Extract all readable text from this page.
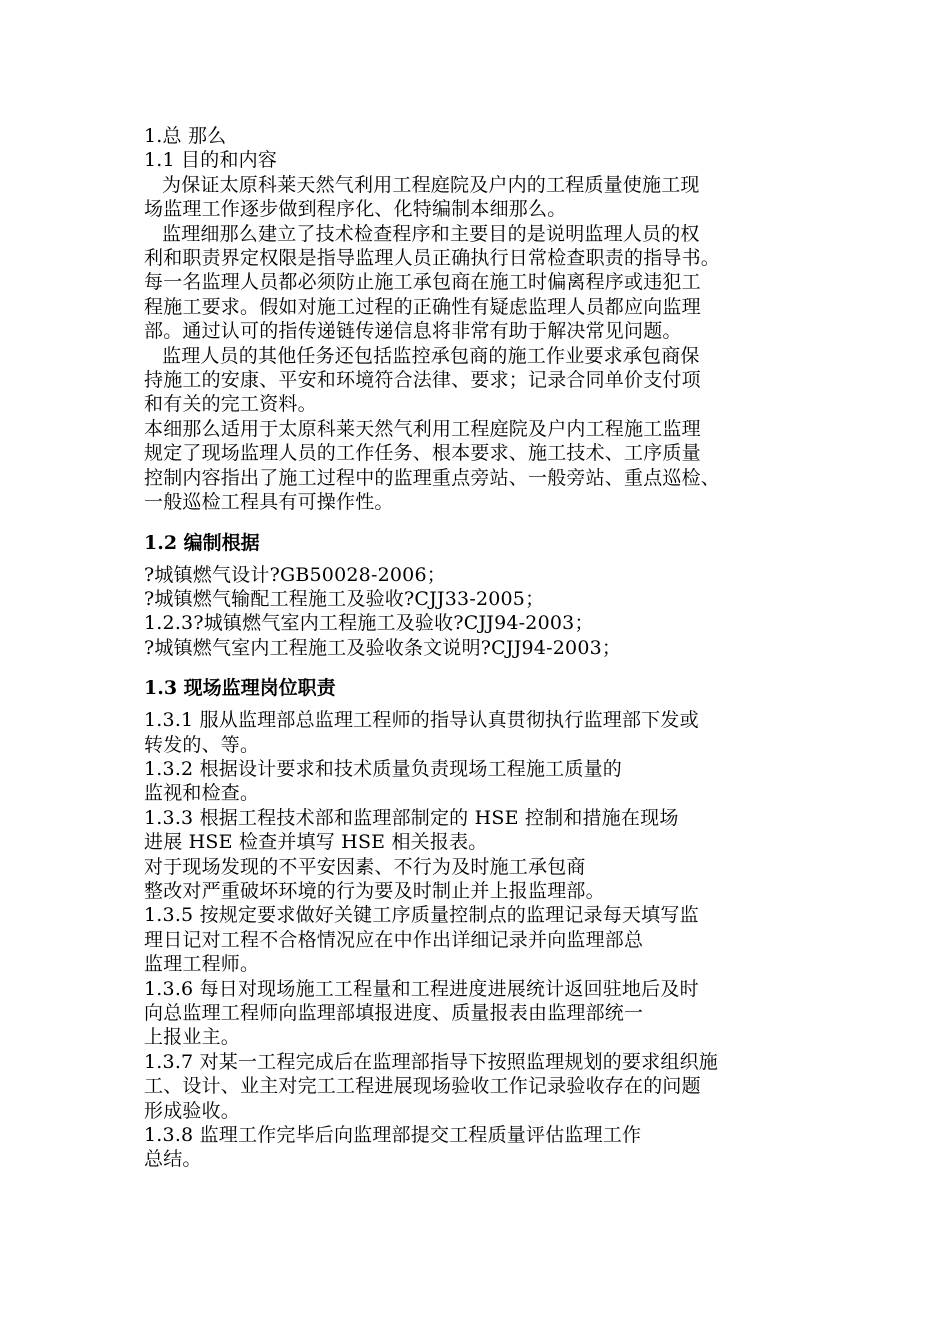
1.总 那么
1.1 目的和内容
为保证太原科莱天然气利用工程庭院及户内的工程质量使施工现
场监理工作逐步做到程序化、化特编制本细那么。
监理细那么建立了技术检查程序和主要目的是说明监理人员的权
利和职责界定权限是指导监理人员正确执行日常检查职责的指导书。
每一名监理人员都必须防止施工承包商在施工时偏离程序或违犯工
程施工要求。假如对施工过程的正确性有疑虑监理人员都应向监理
部。通过认可的指传递链传递信息将非常有助于解决常见问题。
监理人员的其他任务还包括监控承包商的施工作业要求承包商保
持施工的安康、平安和环境符合法律、要求；记录合同单价支付项
和有关的完工资料。
本细那么适用于太原科莱天然气利用工程庭院及户内工程施工监理
规定了现场监理人员的工作任务、根本要求、施工技术、工序质量
控制内容指出了施工过程中的监理重点旁站、一般旁站、重点巡检、
一般巡检工程具有可操作性。
1.2 编制根据
?城镇燃气设计?GB50028-2006；
?城镇燃气输配工程施工及验收?CJJ33-2005；
1.2.3?城镇燃气室内工程施工及验收?CJJ94-2003；
?城镇燃气室内工程施工及验收条文说明?CJJ94-2003；
1.3 现场监理岗位职责
1.3.1 服从监理部总监理工程师的指导认真贯彻执行监理部下发或
转发的、等。
1.3.2 根据设计要求和技术质量负责现场工程施工质量的
监视和检查。
1.3.3 根据工程技术部和监理部制定的 HSE 控制和措施在现场
进展 HSE 检查并填写 HSE 相关报表。
对于现场发现的不平安因素、不行为及时施工承包商
整改对严重破坏环境的行为要及时制止并上报监理部。
1.3.5 按规定要求做好关键工序质量控制点的监理记录每天填写监
理日记对工程不合格情况应在中作出详细记录并向监理部总
监理工程师。
1.3.6 每日对现场施工工程量和工程进度进展统计返回驻地后及时
向总监理工程师向监理部填报进度、质量报表由监理部统一
上报业主。
1.3.7 对某一工程完成后在监理部指导下按照监理规划的要求组织施
工、设计、业主对完工工程进展现场验收工作记录验收存在的问题
形成验收。
1.3.8 监理工作完毕后向监理部提交工程质量评估监理工作
总结。
